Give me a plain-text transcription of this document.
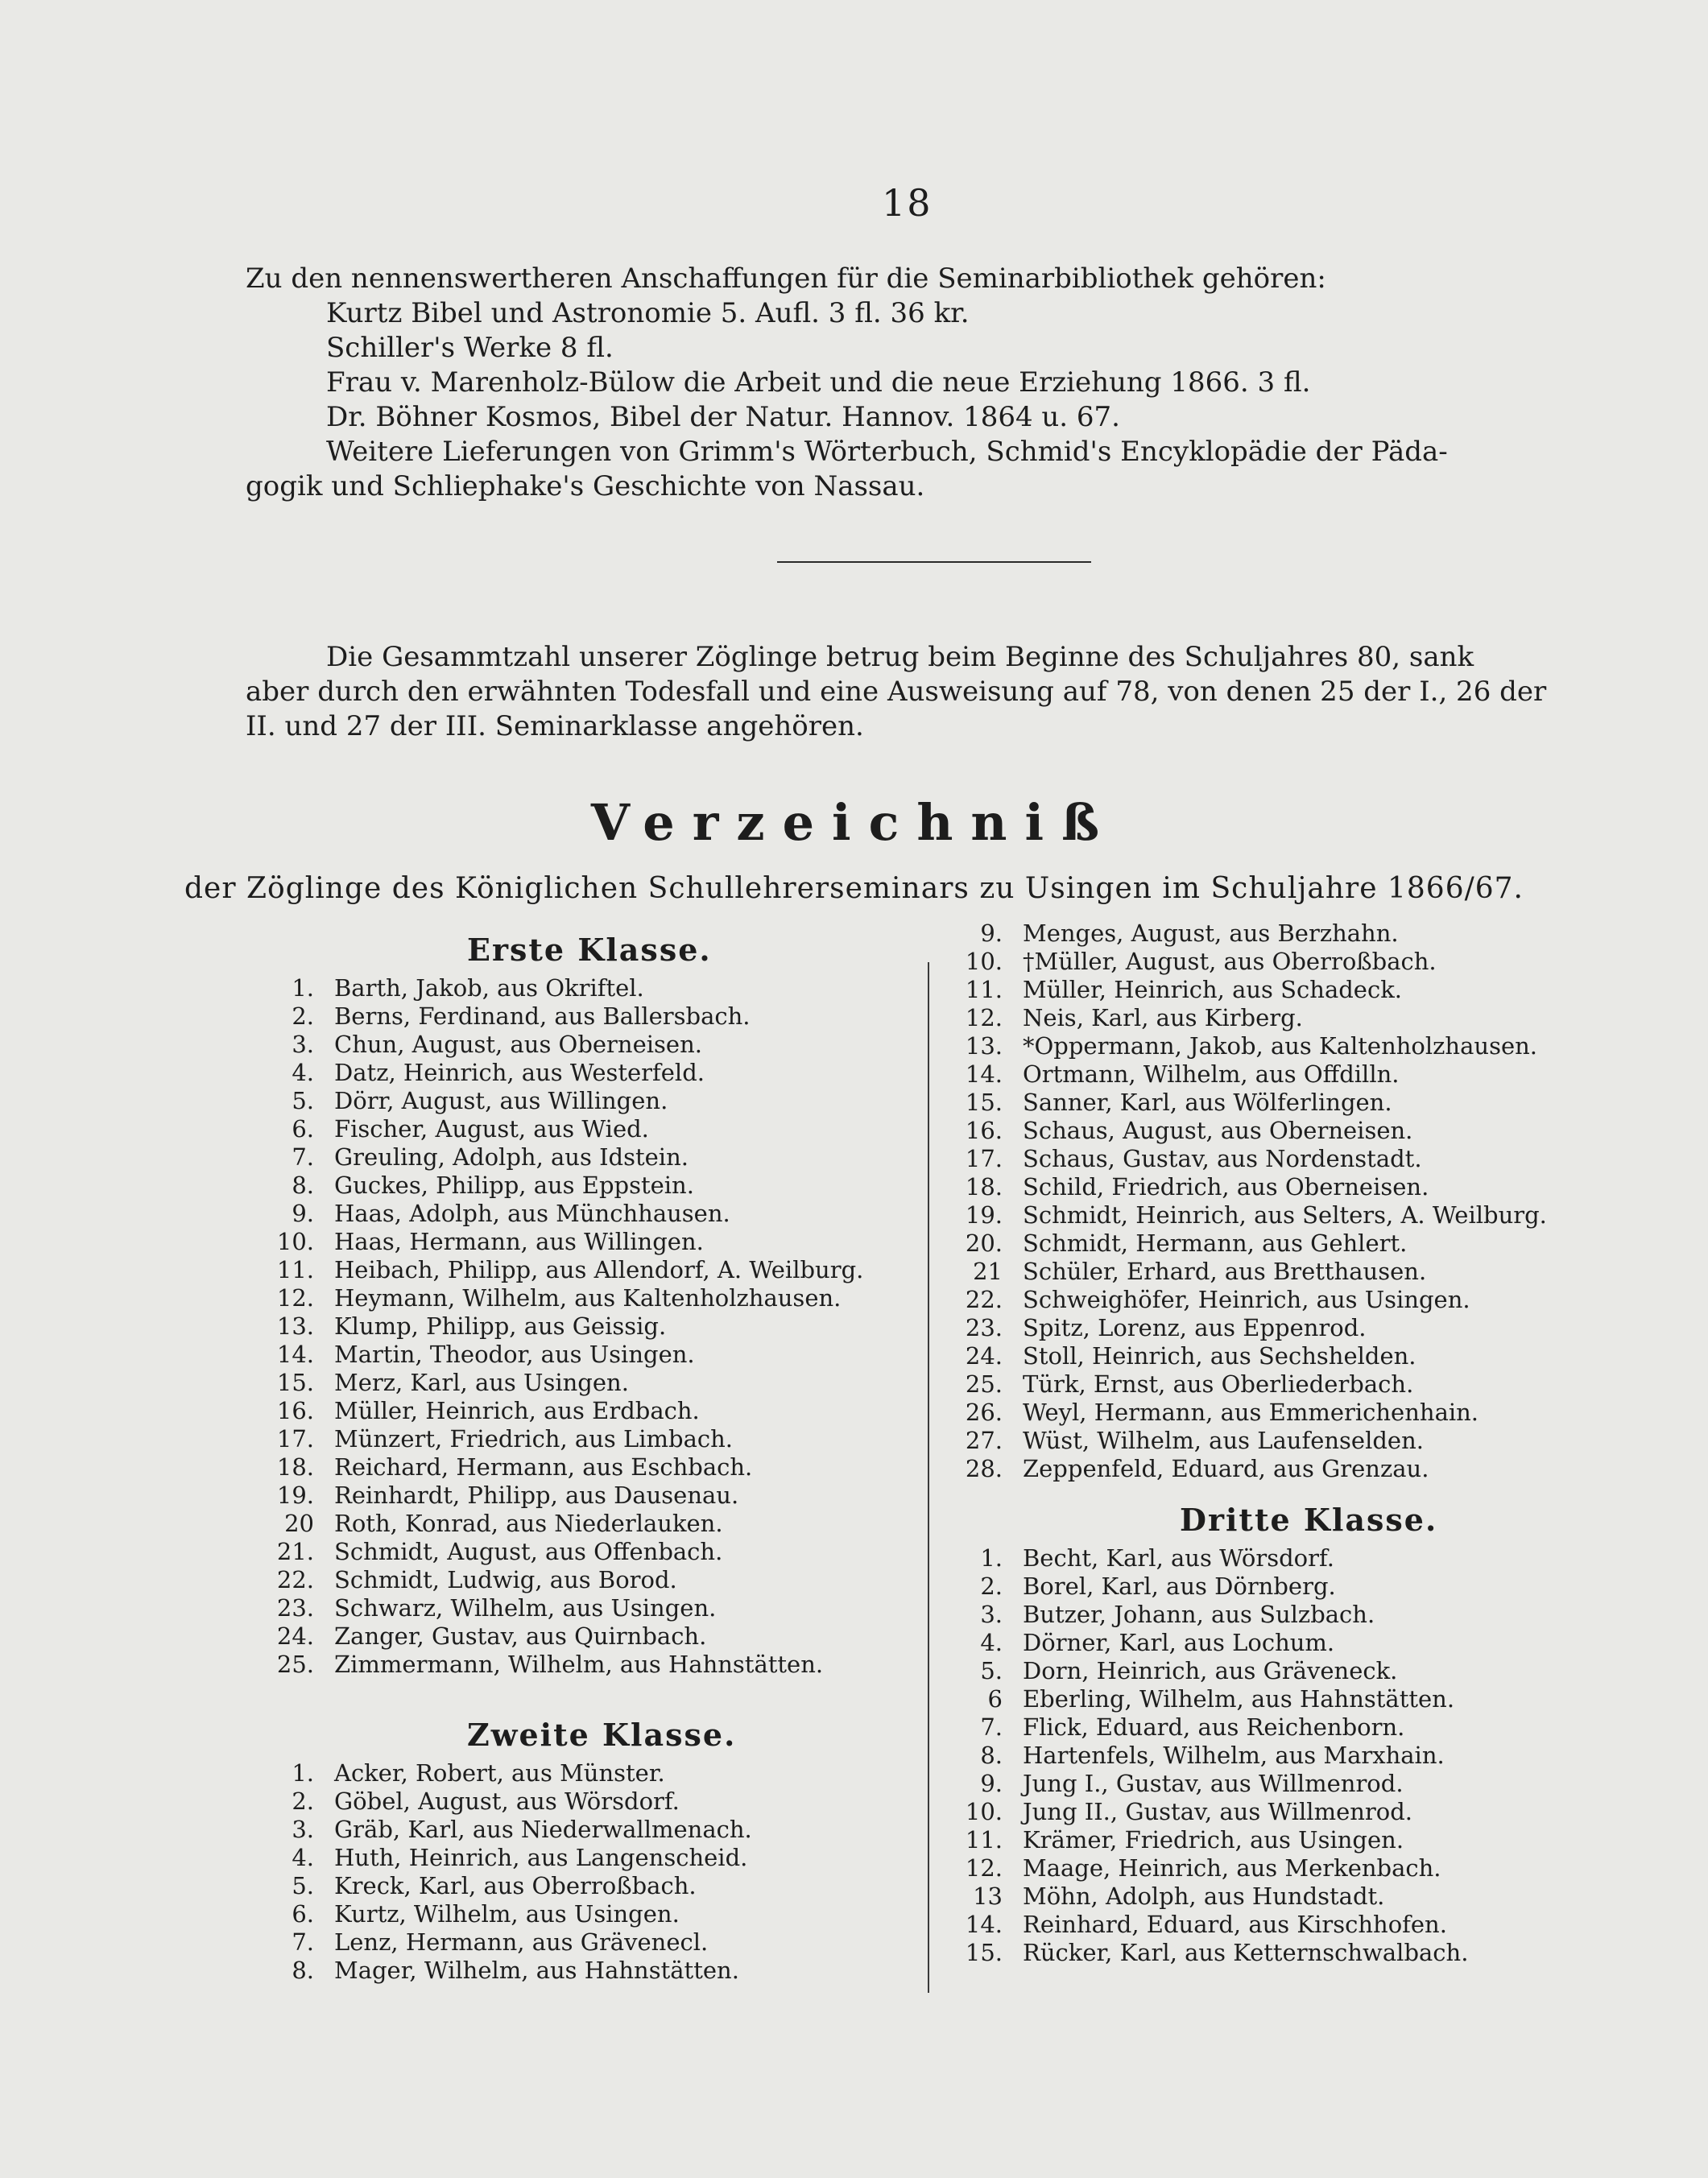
18
Zu den nennenswertheren Anschaffungen für die Seminarbibliothek gehören:
Kurtz Bibel und Astronomie 5. Aufl. 3 fl. 36 kr.
Schiller's Werke 8 fl.
Frau v. Marenholz-Bülow die Arbeit und die neue Erziehung 1866. 3 fl.
Dr. Böhner Kosmos, Bibel der Natur. Hannov. 1864 u. 67.
Weitere Lieferungen von Grimm's Wörterbuch, Schmid's Encyklopädie der Päda-
gogik und Schliephake's Geschichte von Nassau.
Die Gesammtzahl unserer Zöglinge betrug beim Beginne des Schuljahres 80, sank
aber durch den erwähnten Todesfall und eine Ausweisung auf 78, von denen 25 der I., 26 der
II. und 27 der III. Seminarklasse angehören.
Verzeichniß
der Zöglinge des Königlichen Schullehrerseminars zu Usingen im Schuljahre 1866/67.
Erste Klasse.
1. Barth, Jakob, aus Okriftel.
2. Berns, Ferdinand, aus Ballersbach.
3. Chun, August, aus Oberneisen.
4. Datz, Heinrich, aus Westerfeld.
5. Dörr, August, aus Willingen.
6. Fischer, August, aus Wied.
7. Greuling, Adolph, aus Idstein.
8. Guckes, Philipp, aus Eppstein.
9. Haas, Adolph, aus Münchhausen.
10. Haas, Hermann, aus Willingen.
11. Heibach, Philipp, aus Allendorf, A. Weilburg.
12. Heymann, Wilhelm, aus Kaltenholzhausen.
13. Klump, Philipp, aus Geissig.
14. Martin, Theodor, aus Usingen.
15. Merz, Karl, aus Usingen.
16. Müller, Heinrich, aus Erdbach.
17. Münzert, Friedrich, aus Limbach.
18. Reichard, Hermann, aus Eschbach.
19. Reinhardt, Philipp, aus Dausenau.
20 Roth, Konrad, aus Niederlauken.
21. Schmidt, August, aus Offenbach.
22. Schmidt, Ludwig, aus Borod.
23. Schwarz, Wilhelm, aus Usingen.
24. Zanger, Gustav, aus Quirnbach.
25. Zimmermann, Wilhelm, aus Hahnstätten.
Zweite Klasse.
1. Acker, Robert, aus Münster.
2. Göbel, August, aus Wörsdorf.
3. Gräb, Karl, aus Niederwallmenach.
4. Huth, Heinrich, aus Langenscheid.
5. Kreck, Karl, aus Oberroßbach.
6. Kurtz, Wilhelm, aus Usingen.
7. Lenz, Hermann, aus Grävenecl.
8. Mager, Wilhelm, aus Hahnstätten.
9. Menges, August, aus Berzhahn.
10. †Müller, August, aus Oberroßbach.
11. Müller, Heinrich, aus Schadeck.
12. Neis, Karl, aus Kirberg.
13. *Oppermann, Jakob, aus Kaltenholzhausen.
14. Ortmann, Wilhelm, aus Offdilln.
15. Sanner, Karl, aus Wölferlingen.
16. Schaus, August, aus Oberneisen.
17. Schaus, Gustav, aus Nordenstadt.
18. Schild, Friedrich, aus Oberneisen.
19. Schmidt, Heinrich, aus Selters, A. Weilburg.
20. Schmidt, Hermann, aus Gehlert.
21 Schüler, Erhard, aus Bretthausen.
22. Schweighöfer, Heinrich, aus Usingen.
23. Spitz, Lorenz, aus Eppenrod.
24. Stoll, Heinrich, aus Sechshelden.
25. Türk, Ernst, aus Oberliederbach.
26. Weyl, Hermann, aus Emmerichenhain.
27. Wüst, Wilhelm, aus Laufenselden.
28. Zeppenfeld, Eduard, aus Grenzau.
Dritte Klasse.
1. Becht, Karl, aus Wörsdorf.
2. Borel, Karl, aus Dörnberg.
3. Butzer, Johann, aus Sulzbach.
4. Dörner, Karl, aus Lochum.
5. Dorn, Heinrich, aus Gräveneck.
6 Eberling, Wilhelm, aus Hahnstätten.
7. Flick, Eduard, aus Reichenborn.
8. Hartenfels, Wilhelm, aus Marxhain.
9. Jung I., Gustav, aus Willmenrod.
10. Jung II., Gustav, aus Willmenrod.
11. Krämer, Friedrich, aus Usingen.
12. Maage, Heinrich, aus Merkenbach.
13 Möhn, Adolph, aus Hundstadt.
14. Reinhard, Eduard, aus Kirschhofen.
15. Rücker, Karl, aus Ketternschwalbach.
